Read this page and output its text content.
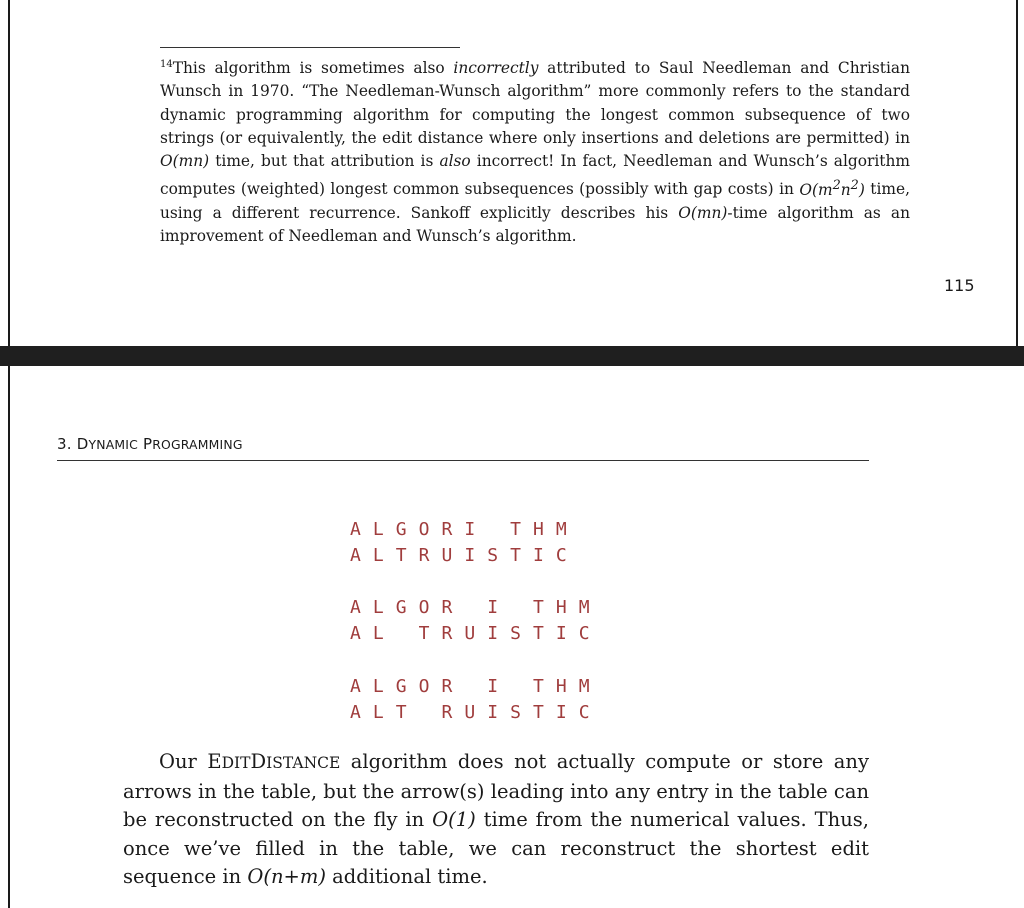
$^{14}$This algorithm is sometimes also incorrectly attributed to Saul Needleman and Christian Wunsch in 1970. “The Needleman-Wunsch algorithm” more commonly refers to the standard dynamic programming algorithm for computing the longest common subsequence of two strings (or equivalently, the edit distance where only insertions and deletions are permitted) in O(mn) time, but that attribution is also incorrect! In fact, Needleman and Wunsch’s algorithm computes (weighted) longest common subsequences (possibly with gap costs) in $O(m^2n^2)$ time, using a different recurrence. Sankoff explicitly describes his O(mn)-time algorithm as an improvement of Needleman and Wunsch’s algorithm.
115
3. DYNAMIC PROGRAMMING
A L G O R I   T H M
A L T R U I S T I C
A L G O R   I   T H M
A L   T R U I S T I C
A L G O R   I   T H M
A L T   R U I S T I C
Our EDITDISTANCE algorithm does not actually compute or store any arrows in the table, but the arrow(s) leading into any entry in the table can be reconstructed on the fly in O(1) time from the numerical values. Thus, once we’ve filled in the table, we can reconstruct the shortest edit sequence in O(n+m) additional time.
